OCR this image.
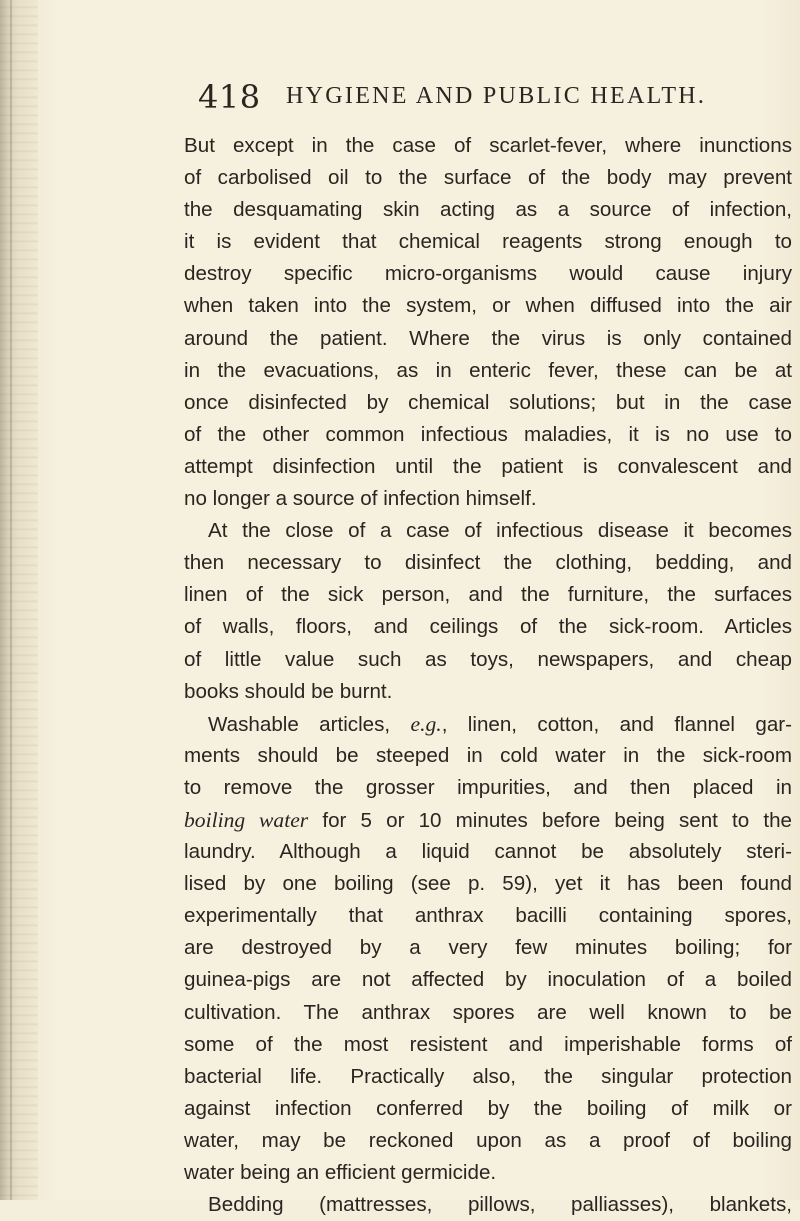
418 HYGIENE AND PUBLIC HEALTH.
But except in the case of scarlet-fever, where inunctions
of carbolised oil to the surface of the body may prevent
the desquamating skin acting as a source of infection,
it is evident that chemical reagents strong enough to
destroy specific micro-organisms would cause injury
when taken into the system, or when diffused into the air
around the patient. Where the virus is only contained
in the evacuations, as in enteric fever, these can be at
once disinfected by chemical solutions; but in the case
of the other common infectious maladies, it is no use to
attempt disinfection until the patient is convalescent and
no longer a source of infection himself.
At the close of a case of infectious disease it becomes
then necessary to disinfect the clothing, bedding, and
linen of the sick person, and the furniture, the surfaces
of walls, floors, and ceilings of the sick-room. Articles
of little value such as toys, newspapers, and cheap
books should be burnt.
Washable articles, e.g., linen, cotton, and flannel gar-
ments should be steeped in cold water in the sick-room
to remove the grosser impurities, and then placed in
boiling water for 5 or 10 minutes before being sent to the
laundry. Although a liquid cannot be absolutely steri-
lised by one boiling (see p. 59), yet it has been found
experimentally that anthrax bacilli containing spores,
are destroyed by a very few minutes boiling; for
guinea-pigs are not affected by inoculation of a boiled
cultivation. The anthrax spores are well known to be
some of the most resistent and imperishable forms of
bacterial life. Practically also, the singular protection
against infection conferred by the boiling of milk or
water, may be reckoned upon as a proof of boiling
water being an efficient germicide.
Bedding (mattresses, pillows, palliasses), blankets,
